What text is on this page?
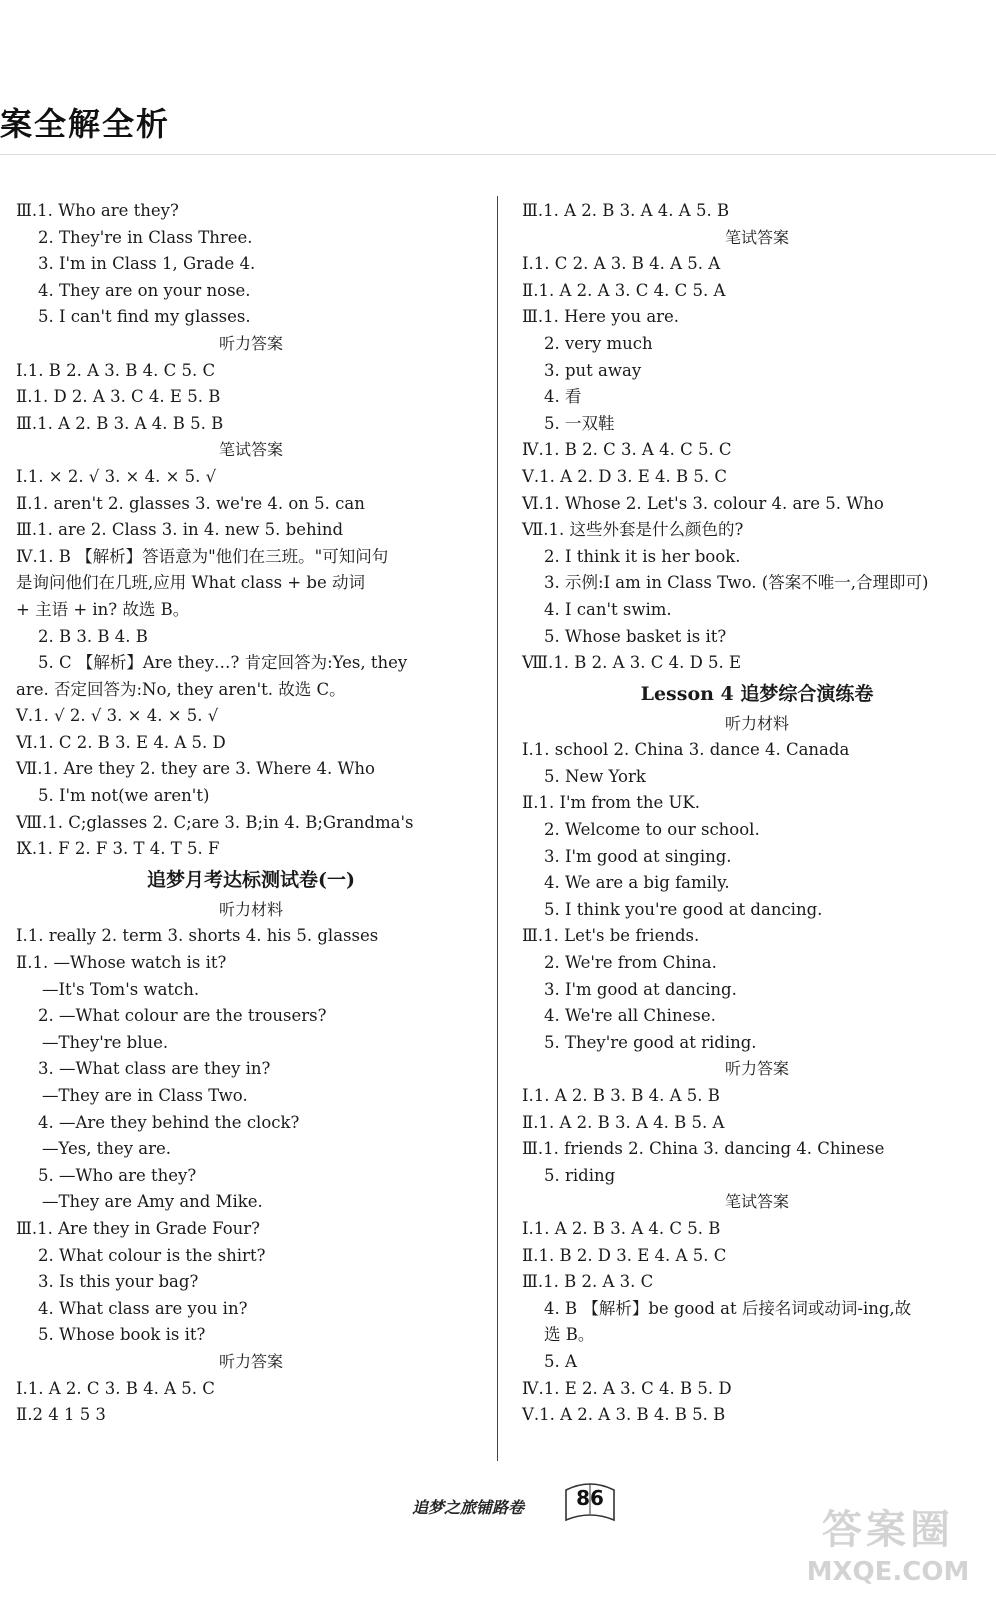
案全解全析
Ⅲ.1. Who are they?
2. They're in Class Three.
3. I'm in Class 1, Grade 4.
4. They are on your nose.
5. I can't find my glasses.
听力答案
Ⅰ.1. B 2. A 3. B 4. C 5. C
Ⅱ.1. D 2. A 3. C 4. E 5. B
Ⅲ.1. A 2. B 3. A 4. B 5. B
笔试答案
Ⅰ.1. × 2. √ 3. × 4. × 5. √
Ⅱ.1. aren't 2. glasses 3. we're 4. on 5. can
Ⅲ.1. are 2. Class 3. in 4. new 5. behind
Ⅳ.1. B 【解析】答语意为"他们在三班。"可知问句
是询问他们在几班,应用 What class + be 动词
+ 主语 + in? 故选 B。
2. B 3. B 4. B
5. C 【解析】Are they…? 肯定回答为:Yes, they
are. 否定回答为:No, they aren't. 故选 C。
Ⅴ.1. √ 2. √ 3. × 4. × 5. √
Ⅵ.1. C 2. B 3. E 4. A 5. D
Ⅶ.1. Are they 2. they are 3. Where 4. Who
5. I'm not(we aren't)
Ⅷ.1. C;glasses 2. C;are 3. B;in 4. B;Grandma's
Ⅸ.1. F 2. F 3. T 4. T 5. F
追梦月考达标测试卷(一)
听力材料
Ⅰ.1. really 2. term 3. shorts 4. his 5. glasses
Ⅱ.1. —Whose watch is it?
—It's Tom's watch.
2. —What colour are the trousers?
—They're blue.
3. —What class are they in?
—They are in Class Two.
4. —Are they behind the clock?
—Yes, they are.
5. —Who are they?
—They are Amy and Mike.
Ⅲ.1. Are they in Grade Four?
2. What colour is the shirt?
3. Is this your bag?
4. What class are you in?
5. Whose book is it?
听力答案
Ⅰ.1. A 2. C 3. B 4. A 5. C
Ⅱ.2 4 1 5 3
Ⅲ.1. A 2. B 3. A 4. A 5. B
笔试答案
Ⅰ.1. C 2. A 3. B 4. A 5. A
Ⅱ.1. A 2. A 3. C 4. C 5. A
Ⅲ.1. Here you are.
2. very much
3. put away
4. 看
5. 一双鞋
Ⅳ.1. B 2. C 3. A 4. C 5. C
Ⅴ.1. A 2. D 3. E 4. B 5. C
Ⅵ.1. Whose 2. Let's 3. colour 4. are 5. Who
Ⅶ.1. 这些外套是什么颜色的?
2. I think it is her book.
3. 示例:I am in Class Two. (答案不唯一,合理即可)
4. I can't swim.
5. Whose basket is it?
Ⅷ.1. B 2. A 3. C 4. D 5. E
Lesson 4 追梦综合演练卷
听力材料
Ⅰ.1. school 2. China 3. dance 4. Canada
5. New York
Ⅱ.1. I'm from the UK.
2. Welcome to our school.
3. I'm good at singing.
4. We are a big family.
5. I think you're good at dancing.
Ⅲ.1. Let's be friends.
2. We're from China.
3. I'm good at dancing.
4. We're all Chinese.
5. They're good at riding.
听力答案
Ⅰ.1. A 2. B 3. B 4. A 5. B
Ⅱ.1. A 2. B 3. A 4. B 5. A
Ⅲ.1. friends 2. China 3. dancing 4. Chinese
5. riding
笔试答案
Ⅰ.1. A 2. B 3. A 4. C 5. B
Ⅱ.1. B 2. D 3. E 4. A 5. C
Ⅲ.1. B 2. A 3. C
4. B 【解析】be good at 后接名词或动词-ing,故
选 B。
5. A
Ⅳ.1. E 2. A 3. C 4. B 5. D
Ⅴ.1. A 2. A 3. B 4. B 5. B
追梦之旅铺路卷	86
答案圈
MXQE.COM
